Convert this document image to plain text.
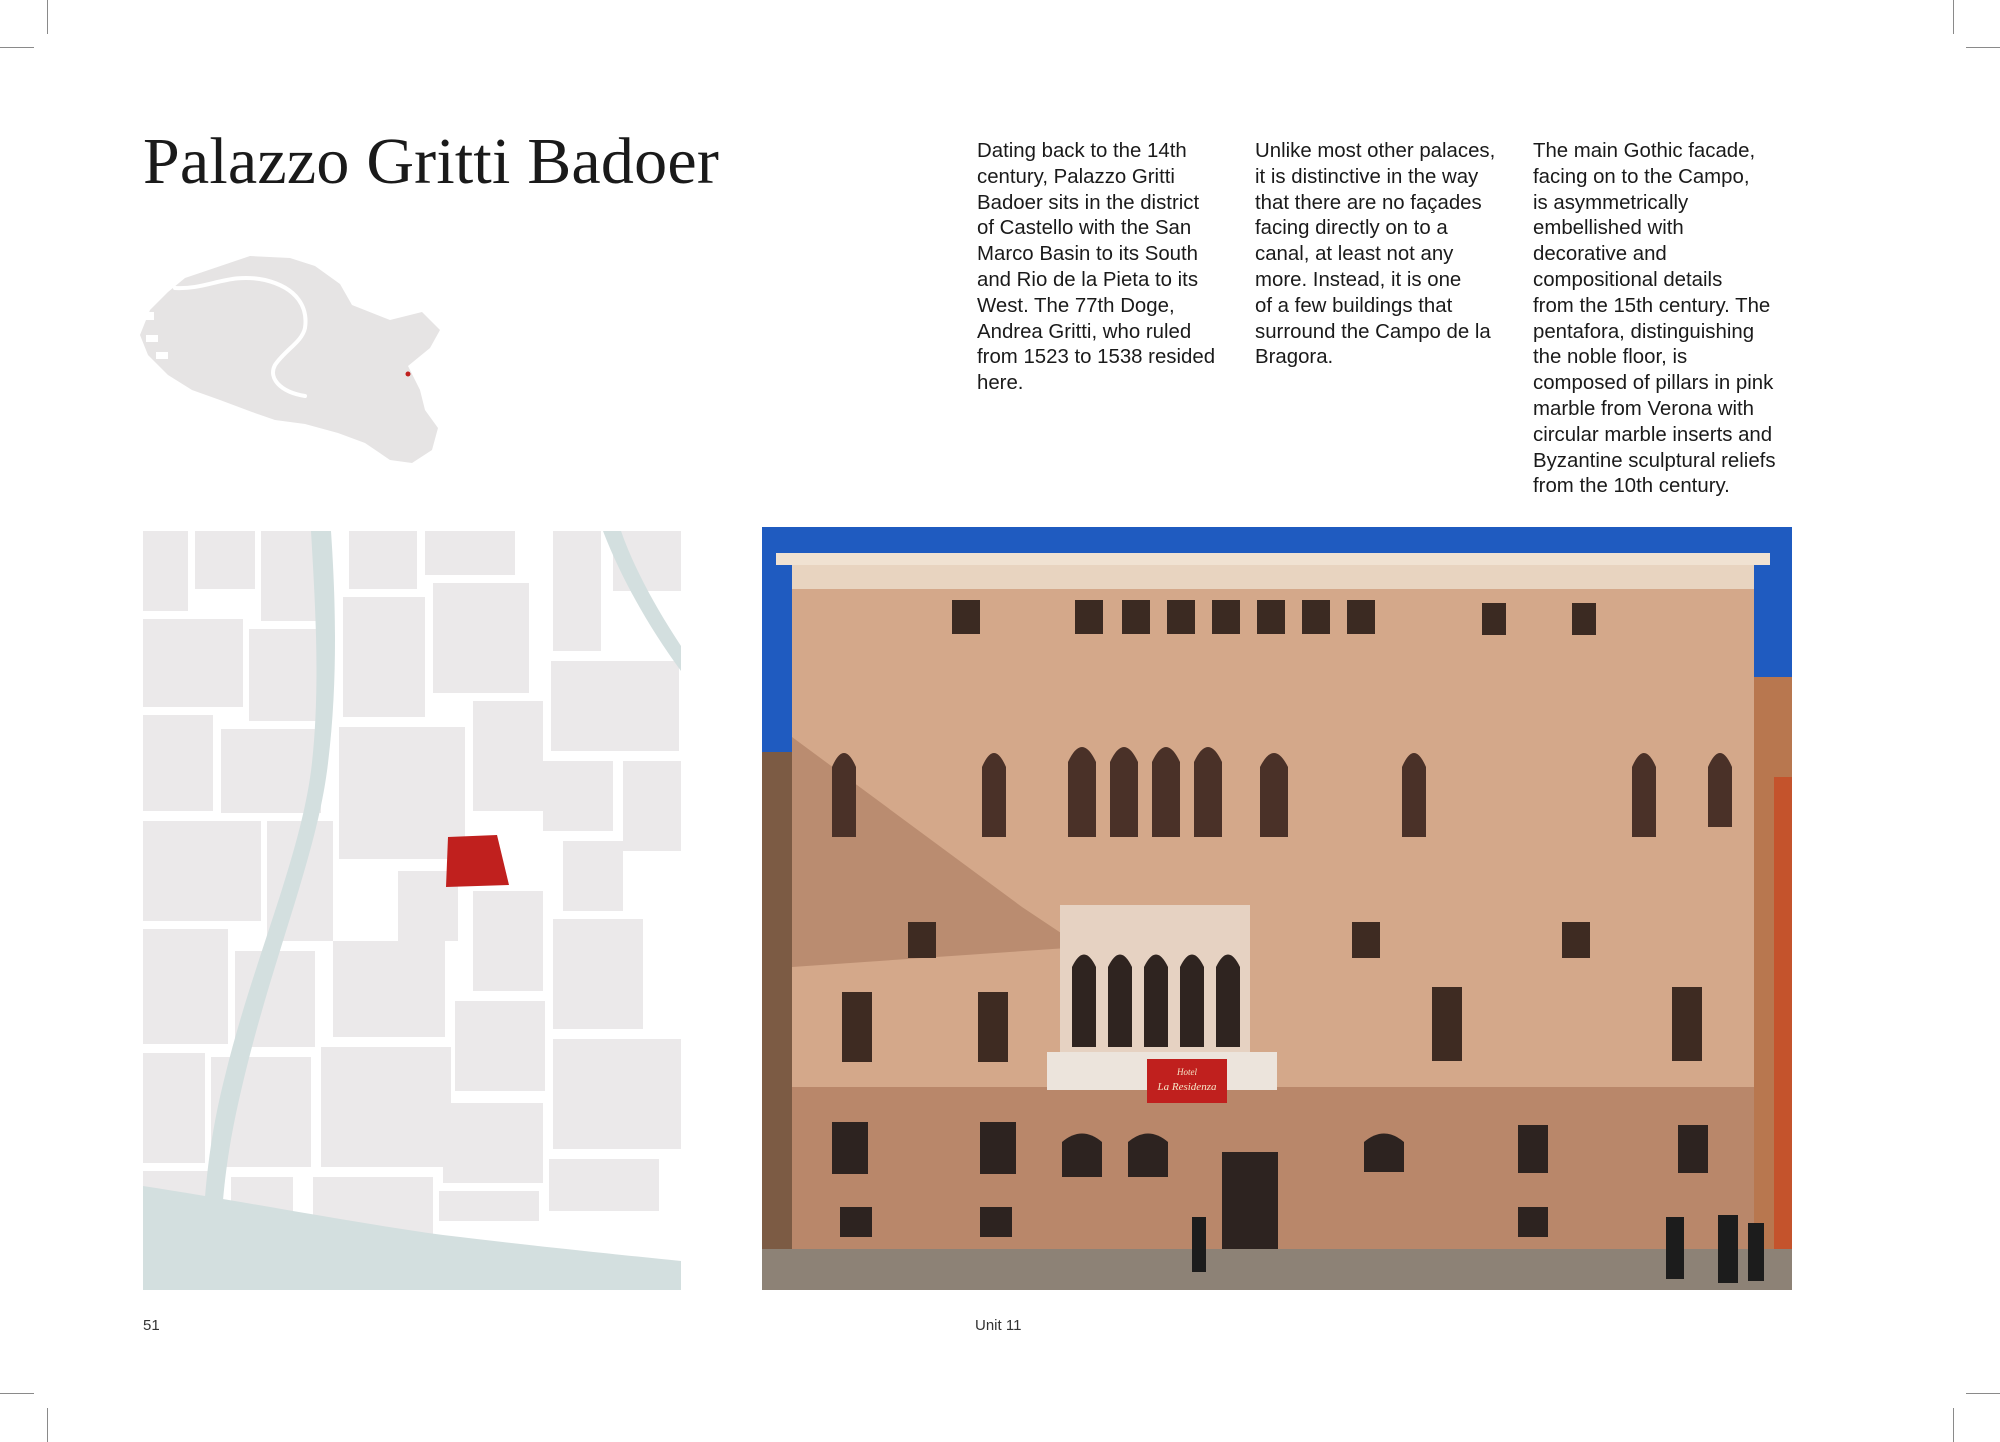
Palazzo Gritti Badoer	Dating back to the 14th
century, Palazzo Gritti
Badoer sits in the district
of Castello with the San
Marco Basin to its South
and Rio de la Pieta to its
West. The 77th Doge,
Andrea Gritti, who ruled
from 1523 to 1538 resided
here.
Unlike most other palaces,
it is distinctive in the way
that there are no façades
facing directly on to a
canal, at least not any
more. Instead, it is one
of a few buildings that
surround the Campo de la
Bragora.
The main Gothic facade,
facing on to the Campo,
is asymmetrically
embellished with
decorative and
compositional details
from the 15th century. The
pentafora, distinguishing
the noble floor, is
composed of pillars in pink
marble from Verona with
circular marble inserts and
Byzantine sculptural reliefs
from the 10th century.
Hotel
La Residenza
51	Unit 11
